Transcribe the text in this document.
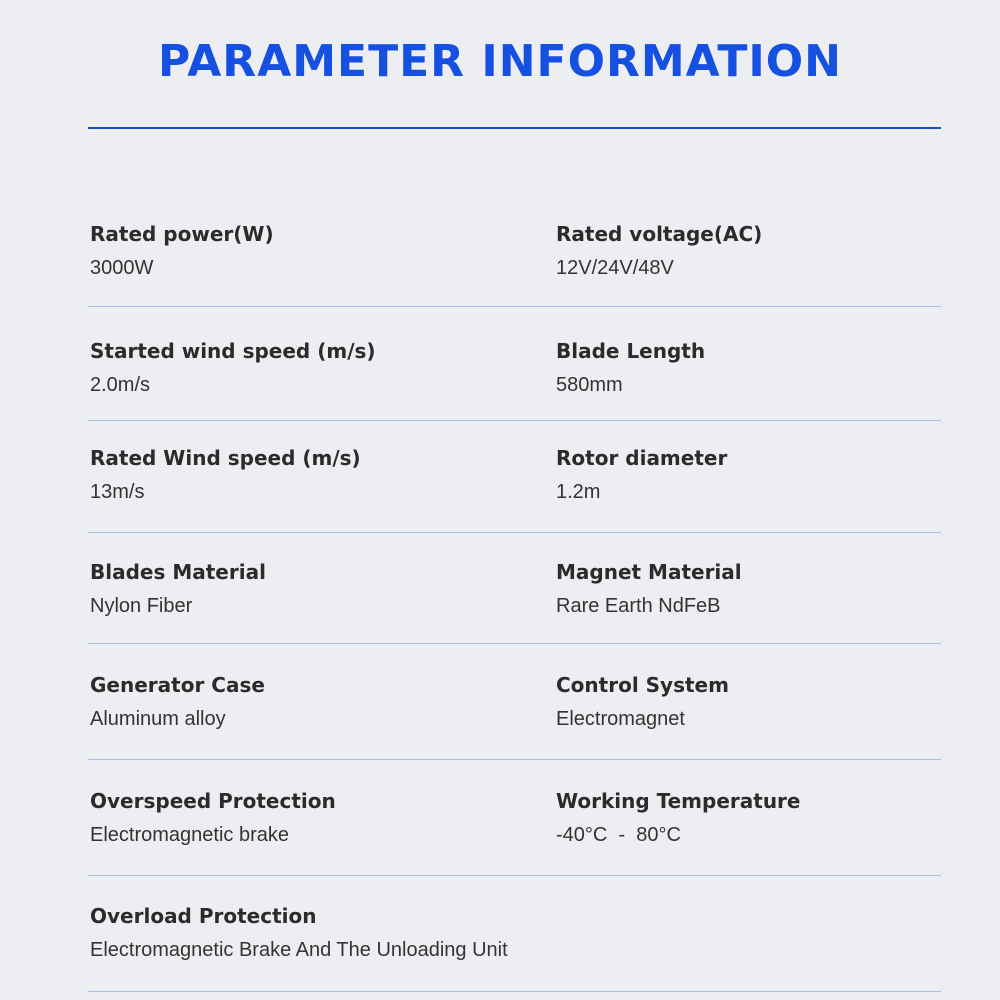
PARAMETER INFORMATION
Rated power(W)
3000W
Rated voltage(AC)
12V/24V/48V
Started wind speed (m/s)
2.0m/s
Blade Length
580mm
Rated Wind speed (m/s)
13m/s
Rotor diameter
1.2m
Blades Material
Nylon Fiber
Magnet Material
Rare Earth NdFeB
Generator Case
Aluminum alloy
Control System
Electromagnet
Overspeed Protection
Electromagnetic brake
Working Temperature
-40°C  -  80°C
Overload Protection
Electromagnetic Brake And The Unloading Unit
